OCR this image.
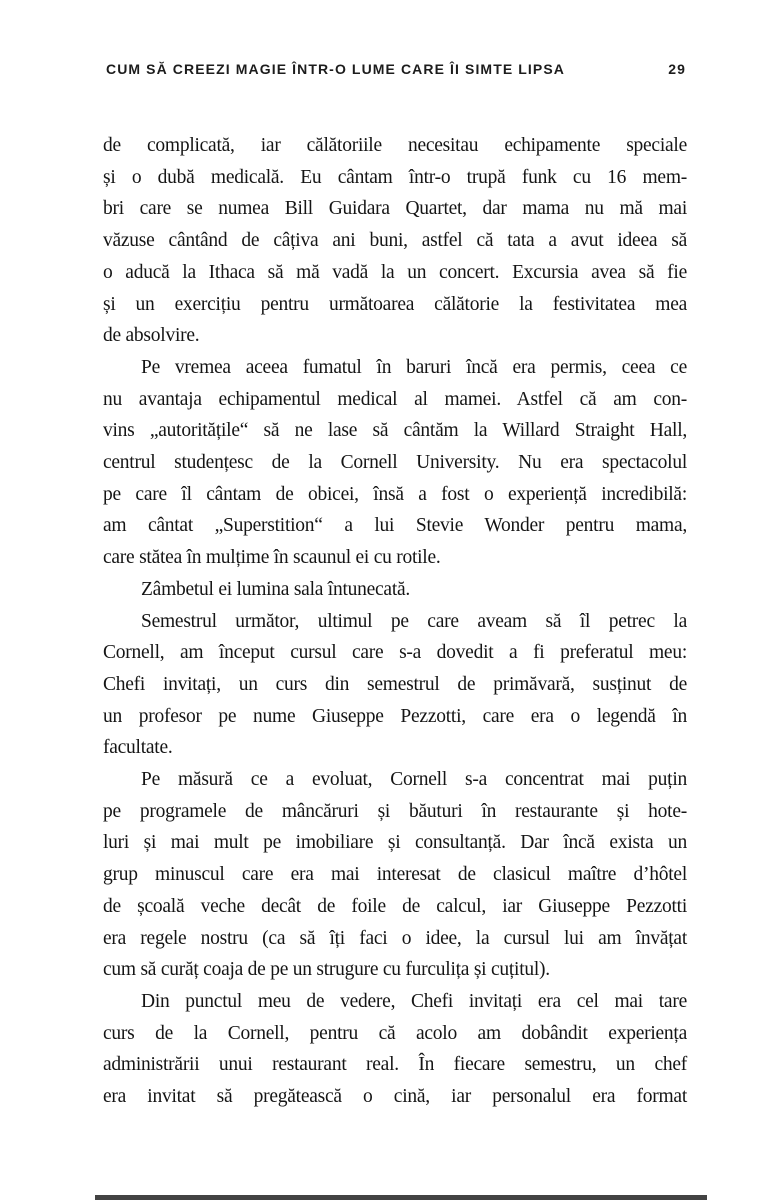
CUM SĂ CREEZI MAGIE ÎNTR-O LUME CARE ÎI SIMTE LIPSA	29
de complicată, iar călătoriile necesitau echipamente speciale
și o dubă medicală. Eu cântam într-o trupă funk cu 16 mem-
bri care se numea Bill Guidara Quartet, dar mama nu mă mai
văzuse cântând de câțiva ani buni, astfel că tata a avut ideea să
o aducă la Ithaca să mă vadă la un concert. Excursia avea să fie
și un exercițiu pentru următoarea călătorie la festivitatea mea
de absolvire.
Pe vremea aceea fumatul în baruri încă era permis, ceea ce
nu avantaja echipamentul medical al mamei. Astfel că am con-
vins „autoritățile“ să ne lase să cântăm la Willard Straight Hall,
centrul studențesc de la Cornell University. Nu era spectacolul
pe care îl cântam de obicei, însă a fost o experiență incredibilă:
am cântat „Superstition“ a lui Stevie Wonder pentru mama,
care stătea în mulțime în scaunul ei cu rotile.
Zâmbetul ei lumina sala întunecată.
Semestrul următor, ultimul pe care aveam să îl petrec la
Cornell, am început cursul care s-a dovedit a fi preferatul meu:
Chefi invitați, un curs din semestrul de primăvară, susținut de
un profesor pe nume Giuseppe Pezzotti, care era o legendă în
facultate.
Pe măsură ce a evoluat, Cornell s-a concentrat mai puțin
pe programele de mâncăruri și băuturi în restaurante și hote-
luri și mai mult pe imobiliare și consultanță. Dar încă exista un
grup minuscul care era mai interesat de clasicul maître d’hôtel
de școală veche decât de foile de calcul, iar Giuseppe Pezzotti
era regele nostru (ca să îți faci o idee, la cursul lui am învățat
cum să curăț coaja de pe un strugure cu furculița și cuțitul).
Din punctul meu de vedere, Chefi invitați era cel mai tare
curs de la Cornell, pentru că acolo am dobândit experiența
administrării unui restaurant real. În fiecare semestru, un chef
era invitat să pregătească o cină, iar personalul era format
